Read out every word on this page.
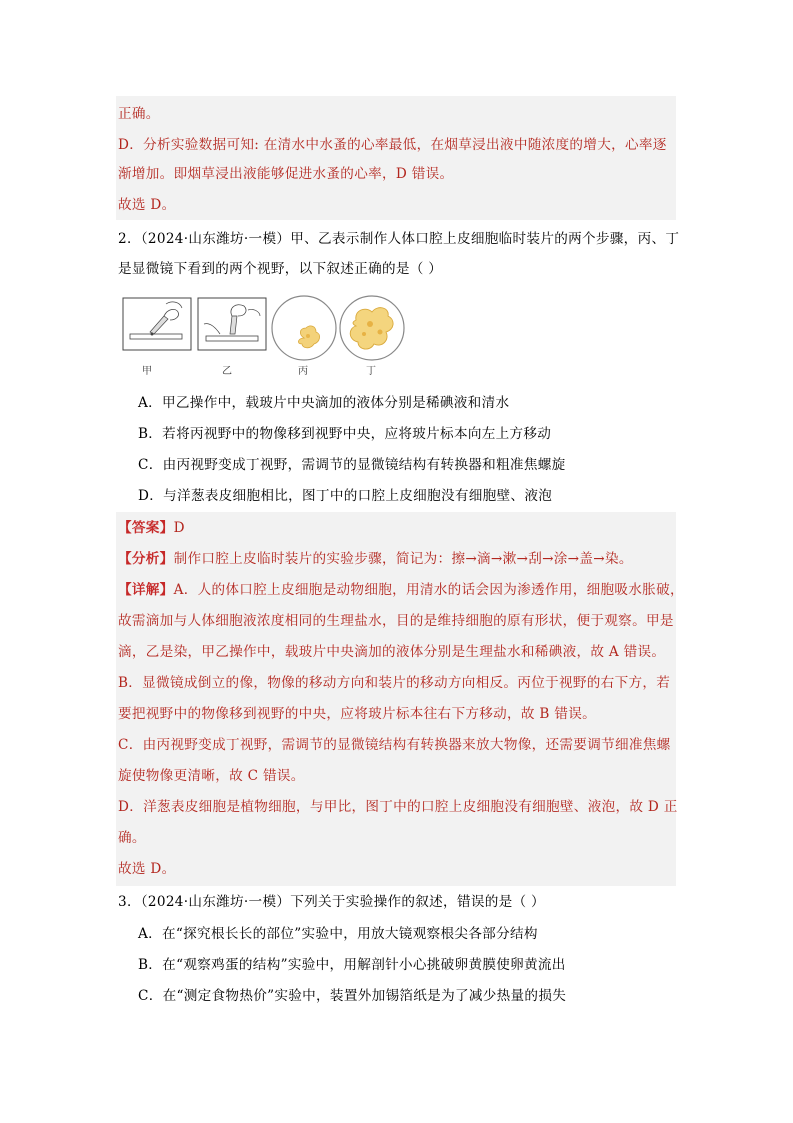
正确。
D．分析实验数据可知: 在清水中水蚤的心率最低，在烟草浸出液中随浓度的增大，心率逐
渐增加。即烟草浸出液能够促进水蚤的心率，D 错误。
故选 D。
2．（2024·山东潍坊·一模）甲、乙表示制作人体口腔上皮细胞临时装片的两个步骤，丙、丁
是显微镜下看到的两个视野，以下叙述正确的是（ ）
甲	乙	丙	丁
A．甲乙操作中，载玻片中央滴加的液体分别是稀碘液和清水
B．若将丙视野中的物像移到视野中央，应将玻片标本向左上方移动
C．由丙视野变成丁视野，需调节的显微镜结构有转换器和粗准焦螺旋
D．与洋葱表皮细胞相比，图丁中的口腔上皮细胞没有细胞壁、液泡
【答案】D
【分析】制作口腔上皮临时装片的实验步骤，简记为：擦→滴→漱→刮→涂→盖→染。
【详解】A．人的体口腔上皮细胞是动物细胞，用清水的话会因为渗透作用，细胞吸水胀破，
故需滴加与人体细胞液浓度相同的生理盐水，目的是维持细胞的原有形状，便于观察。甲是
滴，乙是染，甲乙操作中，载玻片中央滴加的液体分别是生理盐水和稀碘液，故 A 错误。
B．显微镜成倒立的像，物像的移动方向和装片的移动方向相反。丙位于视野的右下方，若
要把视野中的物像移到视野的中央，应将玻片标本往右下方移动，故 B 错误。
C．由丙视野变成丁视野，需调节的显微镜结构有转换器来放大物像，还需要调节细准焦螺
旋使物像更清晰，故 C 错误。
D．洋葱表皮细胞是植物细胞，与甲比，图丁中的口腔上皮细胞没有细胞壁、液泡，故 D 正
确。
故选 D。
3．（2024·山东潍坊·一模）下列关于实验操作的叙述，错误的是（ ）
A．在“探究根长长的部位”实验中，用放大镜观察根尖各部分结构
B．在“观察鸡蛋的结构”实验中，用解剖针小心挑破卵黄膜使卵黄流出
C．在“测定食物热价”实验中，装置外加锡箔纸是为了减少热量的损失
